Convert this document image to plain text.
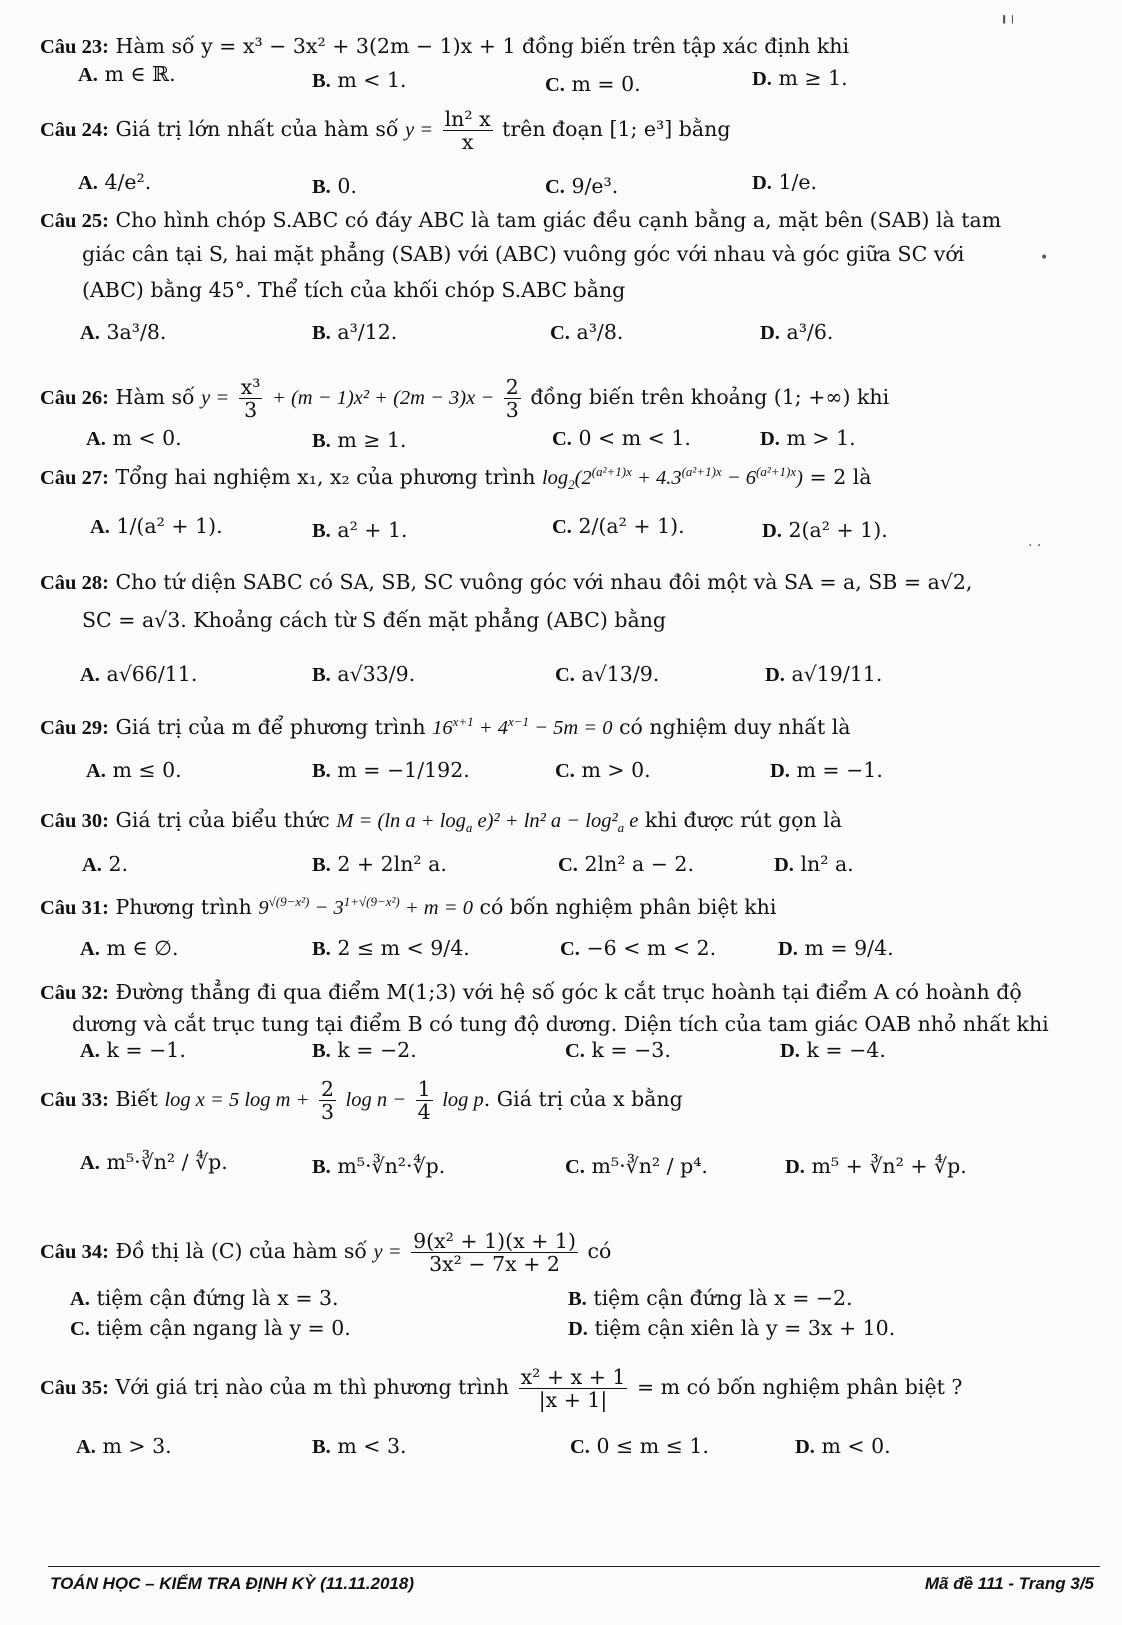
Câu 23: Hàm số y = x³ − 3x² + 3(2m − 1)x + 1 đồng biến trên tập xác định khi
A. m ∈ ℝ.	B. m < 1.	C. m = 0.	D. m ≥ 1.
Câu 24: Giá trị lớn nhất của hàm số $y = \frac{\text{ln² x}}{x}$ trên đoạn [1; e³] bằng
A. 4/e².	B. 0.	C. 9/e³.	D. 1/e.
Câu 25: Cho hình chóp S.ABC có đáy ABC là tam giác đều cạnh bằng a, mặt bên (SAB) là tam
giác cân tại S, hai mặt phẳng (SAB) với (ABC) vuông góc với nhau và góc giữa SC với
(ABC) bằng 45°. Thể tích của khối chóp S.ABC bằng
A. 3a³/8.	B. a³/12.	C. a³/8.	D. a³/6.
Câu 26: Hàm số $y = \frac{\text{x³}}{3} + (m - 1)x^2 + (2m - 3)x - \frac{2}{3}$ đồng biến trên khoảng (1; +∞) khi
A. m < 0.	B. m ≥ 1.	C. 0 < m < 1.	D. m > 1.
Câu 27: Tổng hai nghiệm x₁, x₂ của phương trình $\log_2(2^{(a^2+1)x} + 4.3^{(a^2+1)x} - 6^{(a^2+1)x}) = 2$ là
A. 1/(a² + 1).	B. a² + 1.	C. 2/(a² + 1).	D. 2(a² + 1).
Câu 28: Cho tứ diện SABC có SA, SB, SC vuông góc với nhau đôi một và SA = a, SB = a√2,
SC = a√3. Khoảng cách từ S đến mặt phẳng (ABC) bằng
A. a√66/11.	B. a√33/9.	C. a√13/9.	D. a√19/11.
Câu 29: Giá trị của m để phương trình $16^{x+1} + 4^{x-1} - 5m = 0$ có nghiệm duy nhất là
A. m ≤ 0.	B. m = −1/192.	C. m > 0.	D. m = −1.
Câu 30: Giá trị của biểu thức M = (ln $a + \log_a e)^2 + \ln^2$ $a - \log^2_a$ e khi được rút gọn là
A. 2.	B. 2 + 2ln² a.	C. 2ln² a − 2.	D. ln² a.
Câu 31: Phương trình $9^{√(9-x^2)} - 3^{1+√(9-x^2)} + m = 0$ có bốn nghiệm phân biệt khi
A. m ∈ ∅.	B. 2 ≤ m < 9/4.	C. −6 < m < 2.	D. m = 9/4.
Câu 32: Đường thẳng đi qua điểm M(1;3) với hệ số góc k cắt trục hoành tại điểm A có hoành độ
dương và cắt trục tung tại điểm B có tung độ dương. Diện tích của tam giác OAB nhỏ nhất khi
A. k = −1.	B. k = −2.	C. k = −3.	D. k = −4.
Câu 33: Biết log x = 5 $\log m + \frac{2}{3}$ $\log n - \frac{1}{4}$ log p. Giá trị của x bằng
A. m⁵·∛n² / ∜p.	B. m⁵·∛n²·∜p.	C. m⁵·∛n² / p⁴.	D. m⁵ + ∛n² + ∜p.
Câu 34: Đồ thị là (C) của hàm số $y = \frac{\text{9(x² + 1)(x + 1)}}{\text{3x² − 7x + 2}}$ có
A. tiệm cận đứng là x = 3.	B. tiệm cận đứng là x = −2.
C. tiệm cận ngang là y = 0.	D. tiệm cận xiên là y = 3x + 10.
Câu 35: Với giá trị nào của m thì phương trình $\frac{\text{x² + x + 1}}{|x + 1|} = m$ có bốn nghiệm phân biệt ?
A. m > 3.	B. m < 3.	C. 0 ≤ m ≤ 1.	D. m < 0.
TOÁN HỌC – KIỂM TRA ĐỊNH KỲ (11.11.2018)	Mã đề 111 - Trang 3/5
╻╷
•
· ·
